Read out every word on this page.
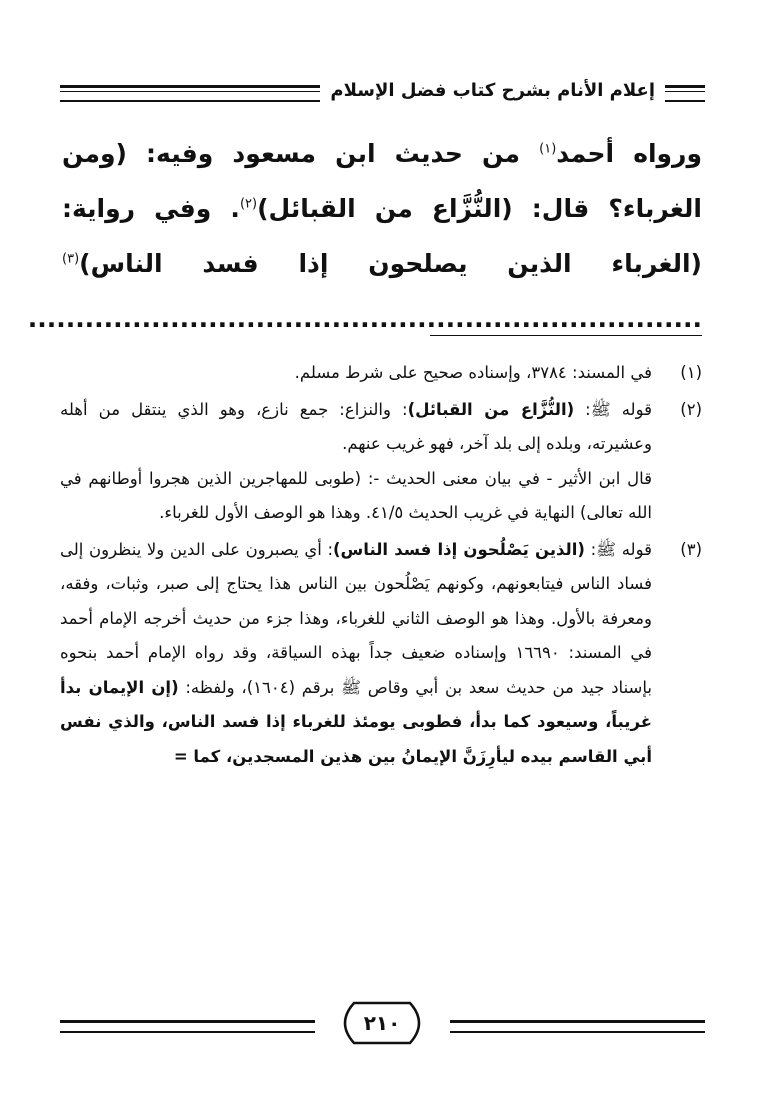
إعلام الأنام بشرح كتاب فضل الإسلام
ورواه أحمد$^{(١)}$ من حديث ابن مسعود وفيه: (ومن الغرباء؟ قال: (النُّزَّاع من القبائل)$^{(٢)}$. وفي رواية: (الغرباء الذين يصلحون إذا فسد الناس)$^{(٣)}$ .......................................................................
(١)
في المسند: ٣٧٨٤، وإسناده صحيح على شرط مسلم.
(٢)
قوله ﷺ: (النُّزَّاع من القبائل): والنزاع: جمع نازع، وهو الذي ينتقل من أهله وعشيرته، وبلده إلى بلد آخر، فهو غريب عنهم.
قال ابن الأثير - في بيان معنى الحديث -: (طوبى للمهاجرين الذين هجروا أوطانهم في الله تعالى) النهاية في غريب الحديث ٤١/٥. وهذا هو الوصف الأول للغرباء.
(٣)
قوله ﷺ: (الذين يَصْلُحون إذا فسد الناس): أي يصبرون على الدين ولا ينظرون إلى فساد الناس فيتابعونهم، وكونهم يَصْلُحون بين الناس هذا يحتاج إلى صبر، وثبات، وفقه، ومعرفة بالأول. وهذا هو الوصف الثاني للغرباء، وهذا جزء من حديث أخرجه الإمام أحمد في المسند: ١٦٦٩٠ وإسناده ضعيف جداً بهذه السياقة، وقد رواه الإمام أحمد بنحوه بإسناد جيد من حديث سعد بن أبي وقاص ﷺ برقم (١٦٠٤)، ولفظه: (إن الإيمان بدأ غريباً، وسيعود كما بدأ، فطوبى يومئذ للغرباء إذا فسد الناس، والذي نفس أبي القاسم بيده ليأرِزَنَّ الإيمانُ بين هذين المسجدين، كما =
٢١٠
